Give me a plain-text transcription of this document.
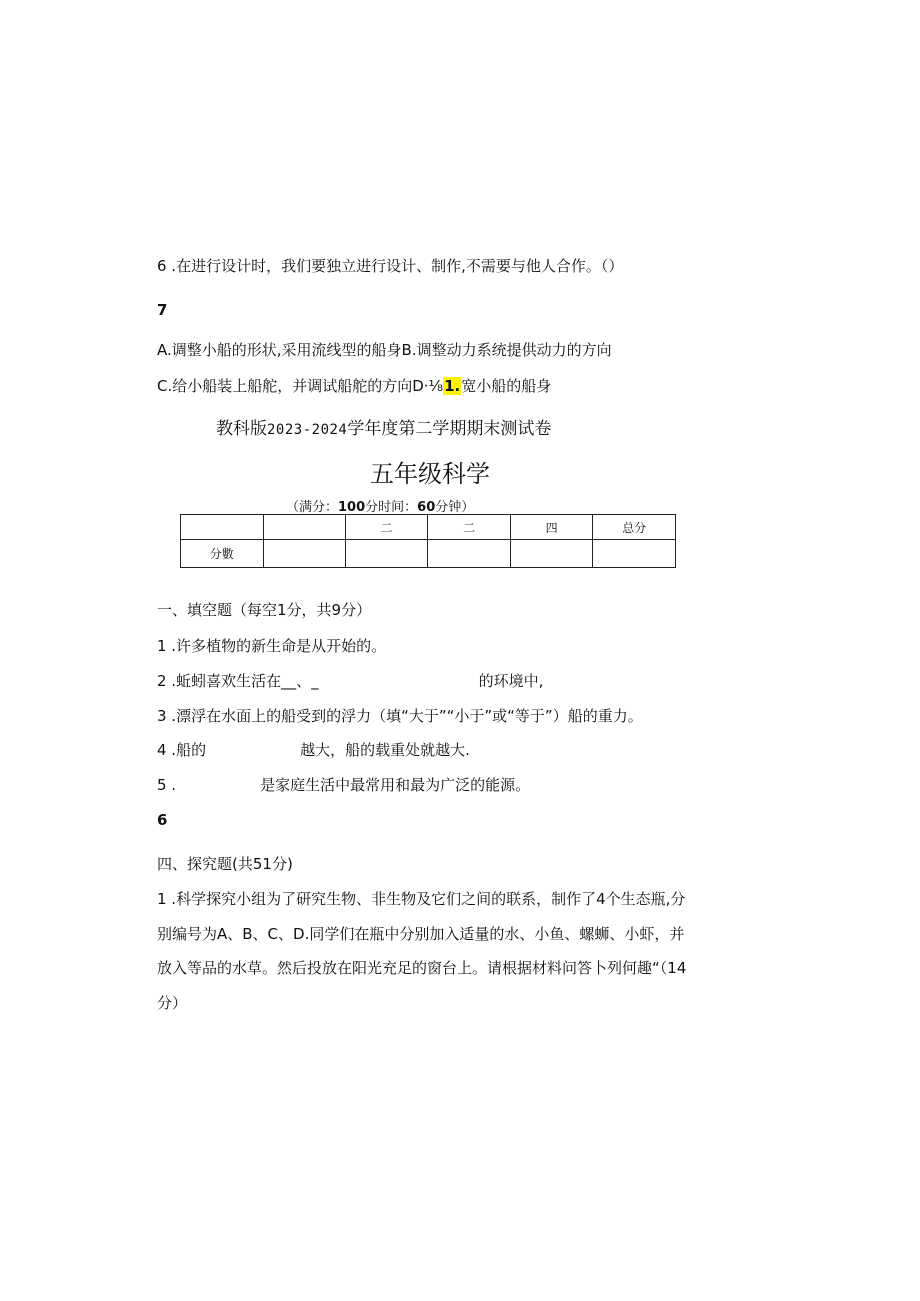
6 .在进行设计时，我们要独立进行设计、制作,不需要与他人合作。（）
7
A.调整小船的形状,采用流线型的船身B.调整动力系统提供动力的方向
C.给小船装上船舵，并调试船舵的方向D·⅛1.宽小船的船身
教科版2023-2024学年度第二学期期末测试卷
五年级科学
（满分：100分时间：60分钟）
		二	二	四	总分
分數					
一、填空题（每空1分，共9分）
1 .许多植物的新生命是从开始的。
2 .蚯蚓喜欢生活在__、_	的环境中,
3 .漂浮在水面上的船受到的浮力（填“大于”“小于”或“等于”）船的重力。
4 .船的	越大，船的载重处就越大.
5 .	是家庭生活中最常用和最为广泛的能源。
6
四、探究题(共51分)
1 .科学探究小组为了研究生物、非生物及它们之间的联系，制作了4个生态瓶,分
别编号为A、B、C、D.同学们在瓶中分别加入适量的水、小鱼、螺蛳、小虾，并
放入等品的水草。然后投放在阳光充足的窗台上。请根据材料问答卜列何趣“（14
分）
